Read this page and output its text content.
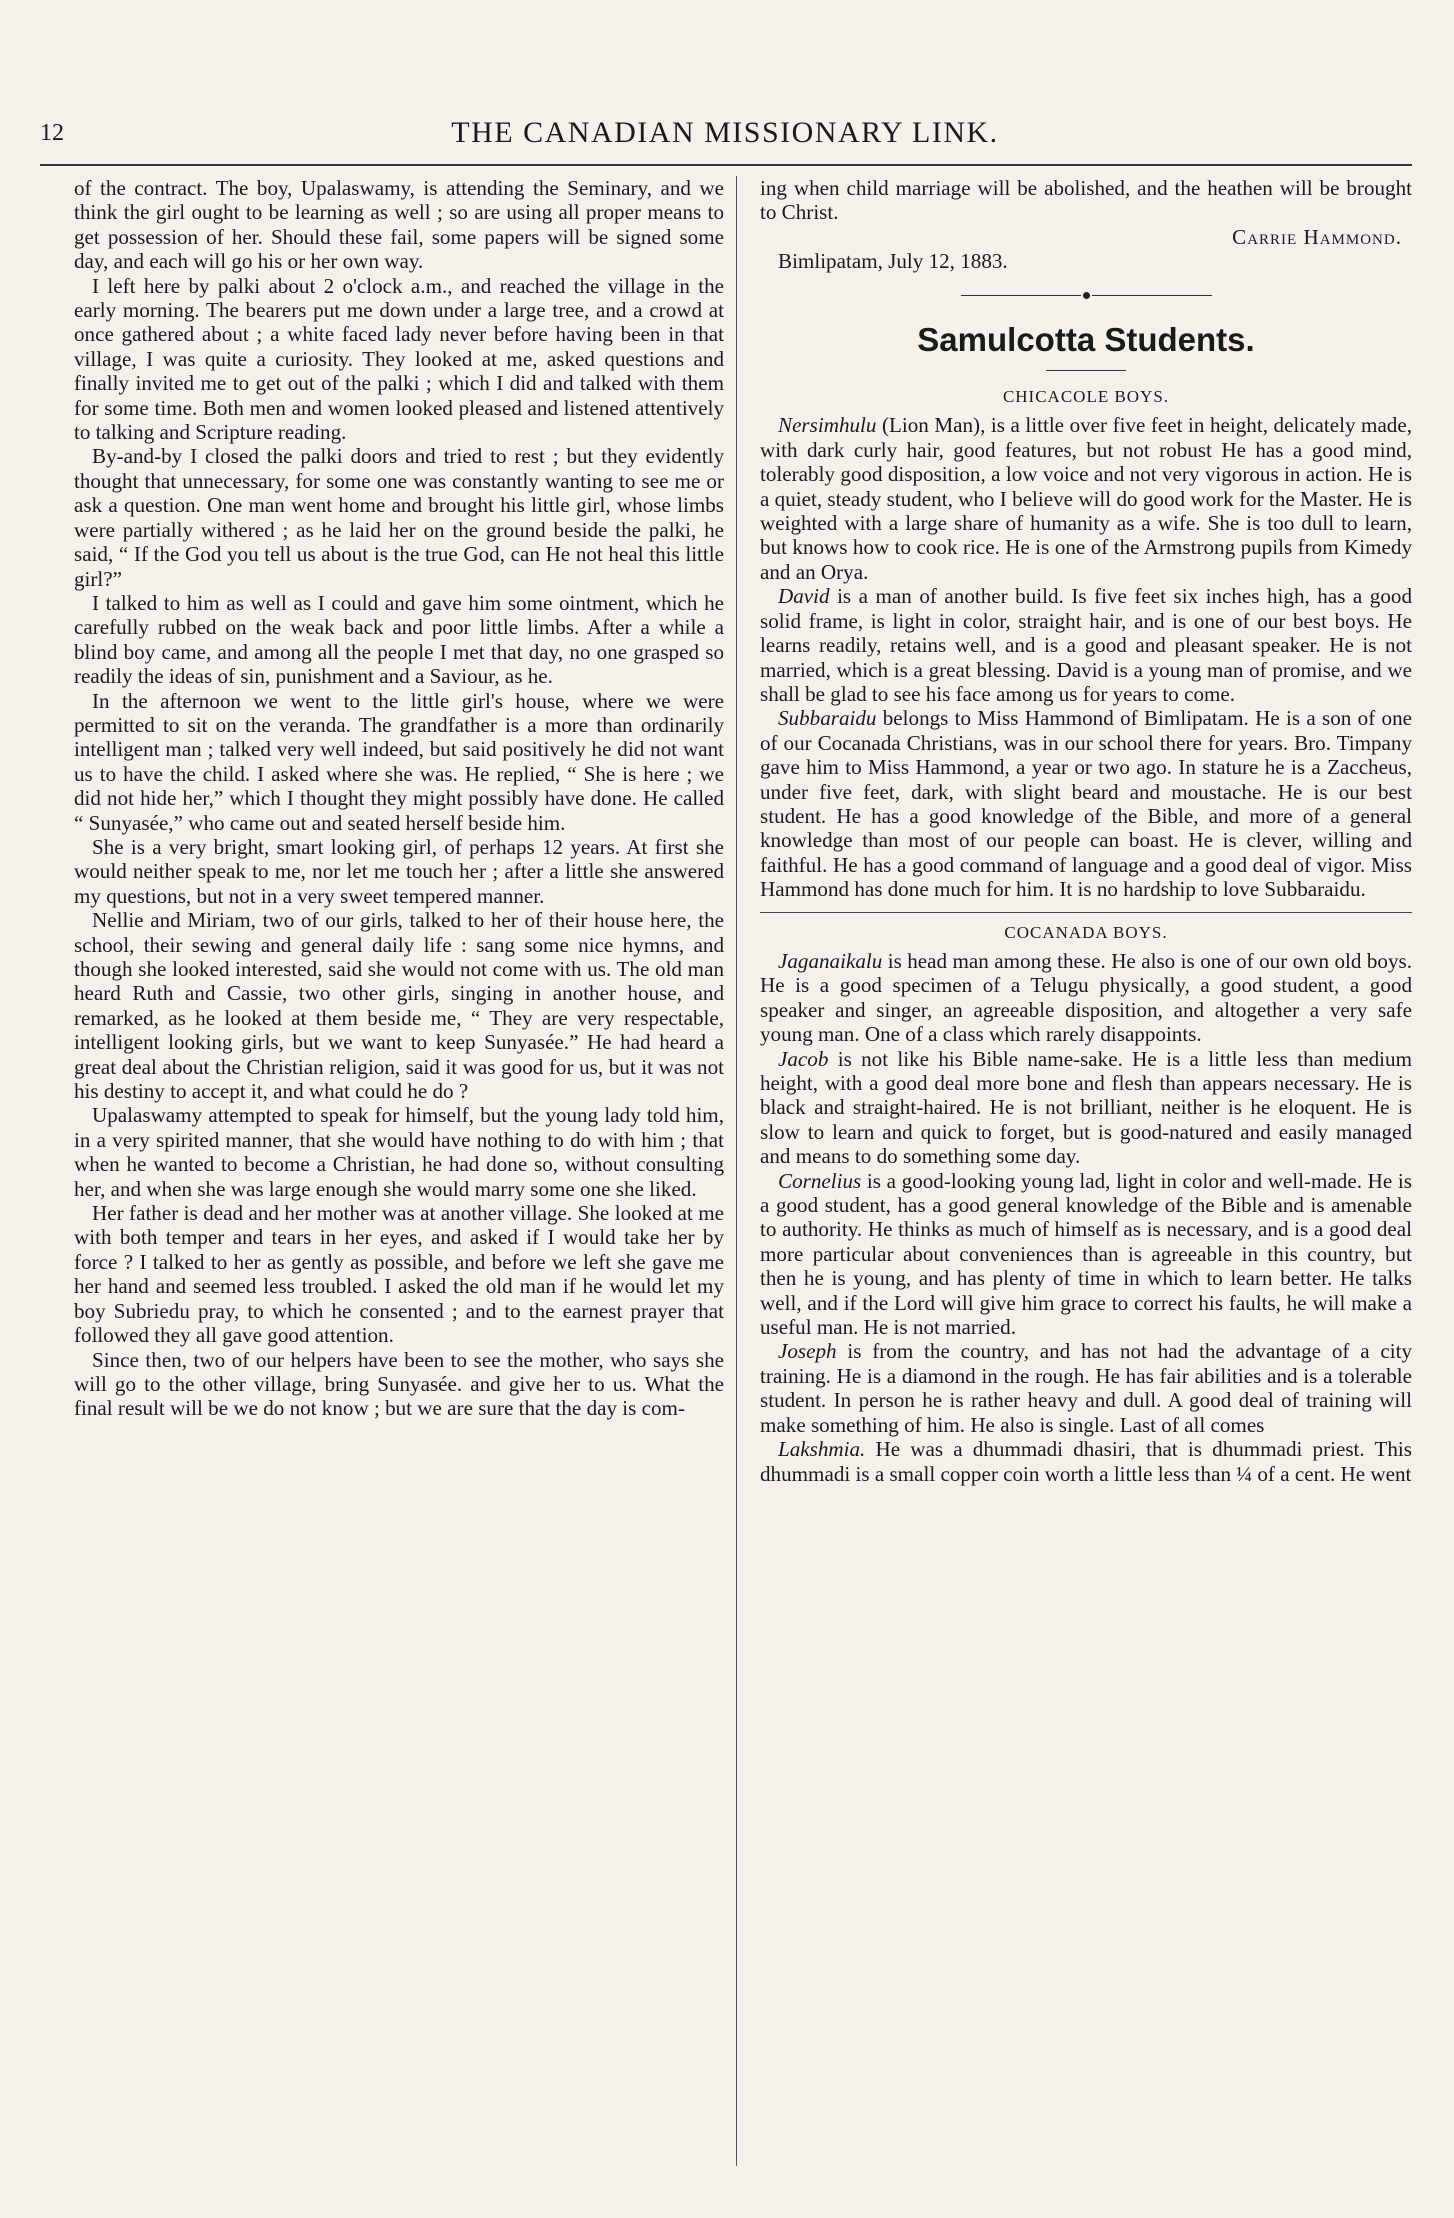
12	THE CANADIAN MISSIONARY LINK.

of the contract. The boy, Upalaswamy, is attending the Seminary, and we think the girl ought to be learning as well ; so are using all proper means to get possession of her. Should these fail, some papers will be signed some day, and each will go his or her own way.

I left here by palki about 2 o'clock a.m., and reached the village in the early morning. The bearers put me down under a large tree, and a crowd at once gathered about ; a white faced lady never before having been in that village, I was quite a curiosity. They looked at me, asked questions and finally invited me to get out of the palki ; which I did and talked with them for some time. Both men and women looked pleased and listened attentively to talking and Scripture reading.

By-and-by I closed the palki doors and tried to rest ; but they evidently thought that unnecessary, for some one was constantly wanting to see me or ask a question. One man went home and brought his little girl, whose limbs were partially withered ; as he laid her on the ground beside the palki, he said, “ If the God you tell us about is the true God, can He not heal this little girl?”

I talked to him as well as I could and gave him some ointment, which he carefully rubbed on the weak back and poor little limbs. After a while a blind boy came, and among all the people I met that day, no one grasped so readily the ideas of sin, punishment and a Saviour, as he.

In the afternoon we went to the little girl's house, where we were permitted to sit on the veranda. The grandfather is a more than ordinarily intelligent man ; talked very well indeed, but said positively he did not want us to have the child. I asked where she was. He replied, “ She is here ; we did not hide her,” which I thought they might possibly have done. He called “ Sunyasée,” who came out and seated herself beside him.

She is a very bright, smart looking girl, of perhaps 12 years. At first she would neither speak to me, nor let me touch her ; after a little she answered my questions, but not in a very sweet tempered manner.

Nellie and Miriam, two of our girls, talked to her of their house here, the school, their sewing and general daily life : sang some nice hymns, and though she looked interested, said she would not come with us. The old man heard Ruth and Cassie, two other girls, singing in another house, and remarked, as he looked at them beside me, “ They are very respectable, intelligent looking girls, but we want to keep Sunyasée.” He had heard a great deal about the Christian religion, said it was good for us, but it was not his destiny to accept it, and what could he do ?

Upalaswamy attempted to speak for himself, but the young lady told him, in a very spirited manner, that she would have nothing to do with him ; that when he wanted to become a Christian, he had done so, without consulting her, and when she was large enough she would marry some one she liked.

Her father is dead and her mother was at another village. She looked at me with both temper and tears in her eyes, and asked if I would take her by force ? I talked to her as gently as possible, and before we left she gave me her hand and seemed less troubled. I asked the old man if he would let my boy Subriedu pray, to which he consented ; and to the earnest prayer that followed they all gave good attention.

Since then, two of our helpers have been to see the mother, who says she will go to the other village, bring Sunyasée. and give her to us. What the final result will be we do not know ; but we are sure that the day is com-

ing when child marriage will be abolished, and the heathen will be brought to Christ.

Carrie Hammond.

Bimlipatam, July 12, 1883.

Samulcotta Students.
CHICACOLE BOYS.

Nersimhulu (Lion Man), is a little over five feet in height, delicately made, with dark curly hair, good features, but not robust He has a good mind, tolerably good disposition, a low voice and not very vigorous in action. He is a quiet, steady student, who I believe will do good work for the Master. He is weighted with a large share of humanity as a wife. She is too dull to learn, but knows how to cook rice. He is one of the Armstrong pupils from Kimedy and an Orya.

David is a man of another build. Is five feet six inches high, has a good solid frame, is light in color, straight hair, and is one of our best boys. He learns readily, retains well, and is a good and pleasant speaker. He is not married, which is a great blessing. David is a young man of promise, and we shall be glad to see his face among us for years to come.

Subbaraidu belongs to Miss Hammond of Bimlipatam. He is a son of one of our Cocanada Christians, was in our school there for years. Bro. Timpany gave him to Miss Hammond, a year or two ago. In stature he is a Zaccheus, under five feet, dark, with slight beard and moustache. He is our best student. He has a good knowledge of the Bible, and more of a general knowledge than most of our people can boast. He is clever, willing and faithful. He has a good command of language and a good deal of vigor. Miss Hammond has done much for him. It is no hardship to love Subbaraidu.

COCANADA BOYS.

Jaganaikalu is head man among these. He also is one of our own old boys. He is a good specimen of a Telugu physically, a good student, a good speaker and singer, an agreeable disposition, and altogether a very safe young man. One of a class which rarely disappoints.

Jacob is not like his Bible name-sake. He is a little less than medium height, with a good deal more bone and flesh than appears necessary. He is black and straight-haired. He is not brilliant, neither is he eloquent. He is slow to learn and quick to forget, but is good-natured and easily managed and means to do something some day.

Cornelius is a good-looking young lad, light in color and well-made. He is a good student, has a good general knowledge of the Bible and is amenable to authority. He thinks as much of himself as is necessary, and is a good deal more particular about conveniences than is agreeable in this country, but then he is young, and has plenty of time in which to learn better. He talks well, and if the Lord will give him grace to correct his faults, he will make a useful man. He is not married.

Joseph is from the country, and has not had the advantage of a city training. He is a diamond in the rough. He has fair abilities and is a tolerable student. In person he is rather heavy and dull. A good deal of training will make something of him. He also is single. Last of all comes

Lakshmia. He was a dhummadi dhasiri, that is dhummadi priest. This dhummadi is a small copper coin worth a little less than ¼ of a cent. He went
